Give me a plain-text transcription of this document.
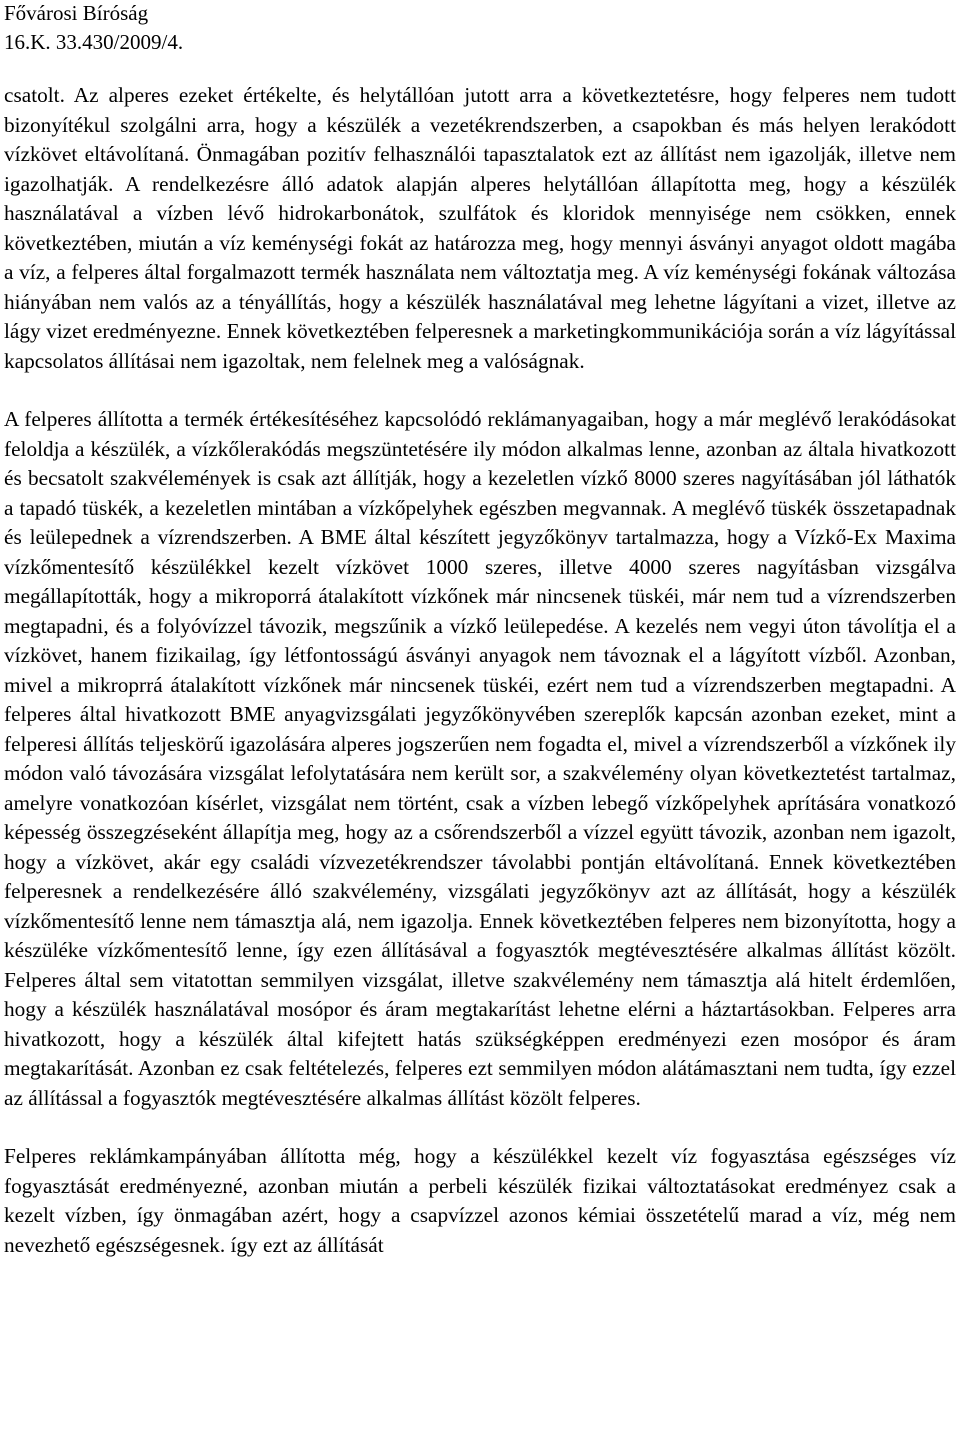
Fővárosi Bíróság
16.K. 33.430/2009/4.

csatolt. Az alperes ezeket értékelte, és helytállóan jutott arra a következtetésre, hogy felperes nem tudott bizonyítékul szolgálni arra, hogy a készülék a vezetékrendszerben, a csapokban és más helyen lerakódott vízkövet eltávolítaná. Önmagában pozitív felhasználói tapasztalatok ezt az állítást nem igazolják, illetve nem igazolhatják. A rendelkezésre álló adatok alapján alperes helytállóan állapította meg, hogy a készülék használatával a vízben lévő hidrokarbonátok, szulfátok és kloridok mennyisége nem csökken, ennek következtében, miután a víz keménységi fokát az határozza meg, hogy mennyi ásványi anyagot oldott magába a víz, a felperes által forgalmazott termék használata nem változtatja meg. A víz keménységi fokának változása hiányában nem valós az a tényállítás, hogy a készülék használatával meg lehetne lágyítani a vizet, illetve az lágy vizet eredményezne. Ennek következtében felperesnek a marketingkommunikációja során a víz lágyítással kapcsolatos állításai nem igazoltak, nem felelnek meg a valóságnak.

A felperes állította a termék értékesítéséhez kapcsolódó reklámanyagaiban, hogy a már meglévő lerakódásokat feloldja a készülék, a vízkőlerakódás megszüntetésére ily módon alkalmas lenne, azonban az általa hivatkozott és becsatolt szakvélemények is csak azt állítják, hogy a kezeletlen vízkő 8000 szeres nagyításában jól láthatók a tapadó tüskék, a kezeletlen mintában a vízkőpelyhek egészben megvannak. A meglévő tüskék összetapadnak és leülepednek a vízrendszerben. A BME által készített jegyzőkönyv tartalmazza, hogy a Vízkő-Ex Maxima vízkőmentesítő készülékkel kezelt vízkövet 1000 szeres, illetve 4000 szeres nagyításban vizsgálva megállapították, hogy a mikroporrá átalakított vízkőnek már nincsenek tüskéi, már nem tud a vízrendszerben megtapadni, és a folyóvízzel távozik, megszűnik a vízkő leülepedése. A kezelés nem vegyi úton távolítja el a vízkövet, hanem fizikailag, így létfontosságú ásványi anyagok nem távoznak el a lágyított vízből. Azonban, mivel a mikroprrá átalakított vízkőnek már nincsenek tüskéi, ezért nem tud a vízrendszerben megtapadni. A felperes által hivatkozott BME anyagvizsgálati jegyzőkönyvében szereplők kapcsán azonban ezeket, mint a felperesi állítás teljeskörű igazolására alperes jogszerűen nem fogadta el, mivel a vízrendszerből a vízkőnek ily módon való távozására vizsgálat lefolytatására nem került sor, a szakvélemény olyan következtetést tartalmaz, amelyre vonatkozóan kísérlet, vizsgálat nem történt, csak a vízben lebegő vízkőpelyhek aprítására vonatkozó képesség összegzéseként állapítja meg, hogy az a csőrendszerből a vízzel együtt távozik, azonban nem igazolt, hogy a vízkövet, akár egy családi vízvezetékrendszer távolabbi pontján eltávolítaná. Ennek következtében felperesnek a rendelkezésére álló szakvélemény, vizsgálati jegyzőkönyv azt az állítását, hogy a készülék vízkőmentesítő lenne nem támasztja alá, nem igazolja. Ennek következtében felperes nem bizonyította, hogy a készüléke vízkőmentesítő lenne, így ezen állításával a fogyasztók megtévesztésére alkalmas állítást közölt. Felperes által sem vitatottan semmilyen vizsgálat, illetve szakvélemény nem támasztja alá hitelt érdemlően, hogy a készülék használatával mosópor és áram megtakarítást lehetne elérni a háztartásokban. Felperes arra hivatkozott, hogy a készülék által kifejtett hatás szükségképpen eredményezi ezen mosópor és áram megtakarítását. Azonban ez csak feltételezés, felperes ezt semmilyen módon alátámasztani nem tudta, így ezzel az állítással a fogyasztók megtévesztésére alkalmas állítást közölt felperes.

Felperes reklámkampányában állította még, hogy a készülékkel kezelt víz fogyasztása egészséges víz fogyasztását eredményezné, azonban miután a perbeli készülék fizikai változtatásokat eredményez csak a kezelt vízben, így önmagában azért, hogy a csapvízzel azonos kémiai összetételű marad a víz, még nem nevezhető egészségesnek. így ezt az állítását
